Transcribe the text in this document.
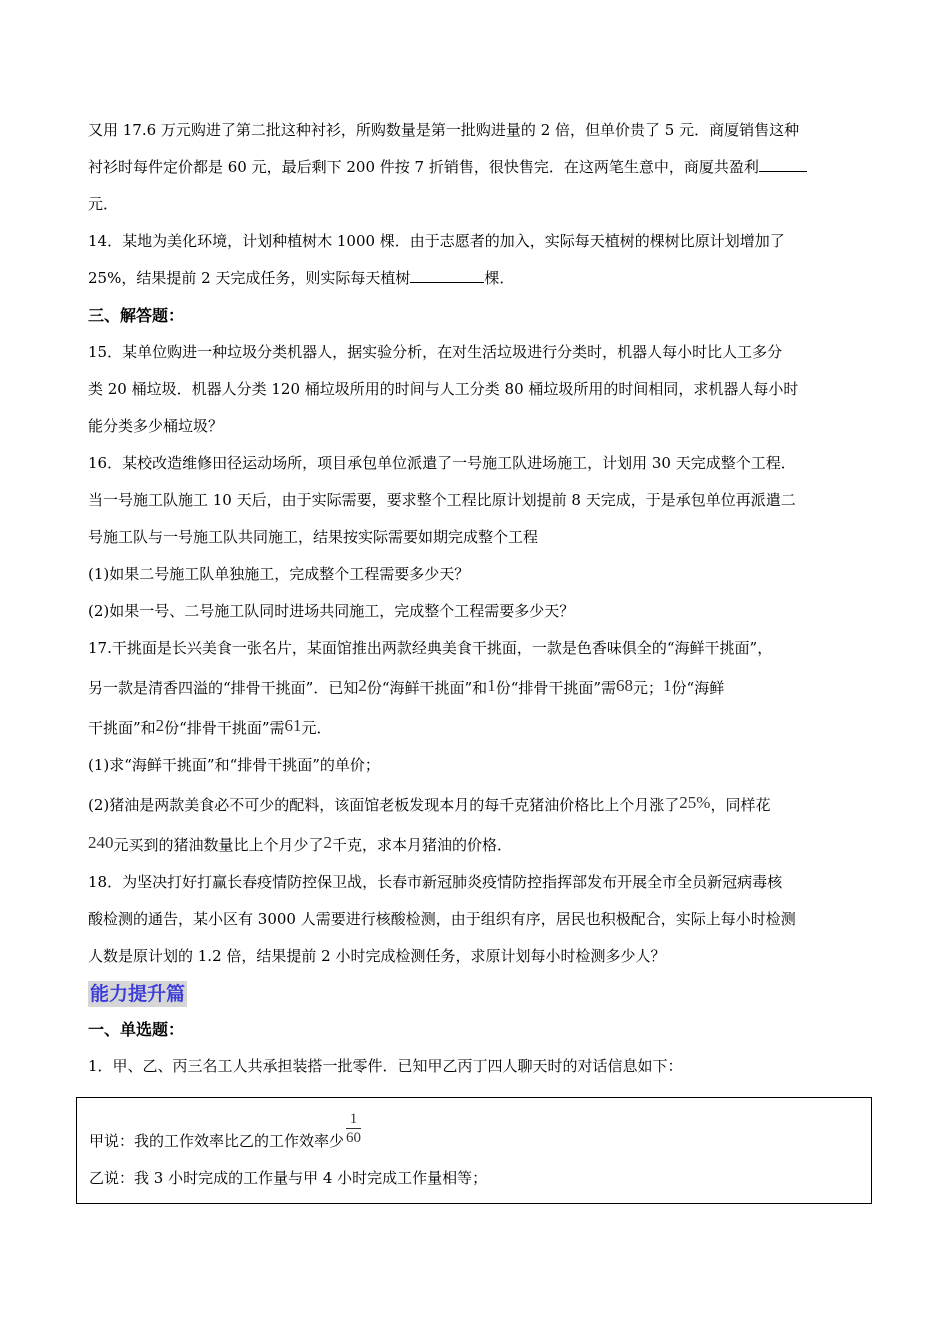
又用 17.6 万元购进了第二批这种衬衫，所购数量是第一批购进量的 2 倍，但单价贵了 5 元．商厦销售这种

衬衫时每件定价都是 60 元，最后剩下 200 件按 7 折销售，很快售完．在这两笔生意中，商厦共盈利

元．

14．某地为美化环境，计划种植树木 1000 棵．由于志愿者的加入，实际每天植树的棵树比原计划增加了

25%，结果提前 2 天完成任务，则实际每天植树	棵．

三、解答题：

15．某单位购进一种垃圾分类机器人，据实验分析，在对生活垃圾进行分类时，机器人每小时比人工多分

类 20 桶垃圾．机器人分类 120 桶垃圾所用的时间与人工分类 80 桶垃圾所用的时间相同，求机器人每小时

能分类多少桶垃圾？

16．某校改造维修田径运动场所，项目承包单位派遣了一号施工队进场施工，计划用 30 天完成整个工程．

当一号施工队施工 10 天后，由于实际需要，要求整个工程比原计划提前 8 天完成，于是承包单位再派遣二

号施工队与一号施工队共同施工，结果按实际需要如期完成整个工程

(1)如果二号施工队单独施工，完成整个工程需要多少天？

(2)如果一号、二号施工队同时进场共同施工，完成整个工程需要多少天？

17.干挑面是长兴美食一张名片，某面馆推出两款经典美食干挑面，一款是色香味俱全的“海鲜干挑面”，

另一款是清香四溢的“排骨干挑面”．已知2份“海鲜干挑面”和1份“排骨干挑面”需68元；1份“海鲜

干挑面”和2份“排骨干挑面”需61元．

(1)求“海鲜干挑面”和“排骨干挑面”的单价；

(2)猪油是两款美食必不可少的配料，该面馆老板发现本月的每千克猪油价格比上个月涨了25%，同样花

240元买到的猪油数量比上个月少了2千克，求本月猪油的价格．

18．为坚决打好打赢长春疫情防控保卫战，长春市新冠肺炎疫情防控指挥部发布开展全市全员新冠病毒核

酸检测的通告，某小区有 3000 人需要进行核酸检测，由于组织有序，居民也积极配合，实际上每小时检测

人数是原计划的 1.2 倍，结果提前 2 小时完成检测任务，求原计划每小时检测多少人？

能力提升篇

一、单选题：

1．甲、乙、丙三名工人共承担装搭一批零件．已知甲乙丙丁四人聊天时的对话信息如下：

甲说：我的工作效率比乙的工作效率少 $\frac{1}{60}$

乙说：我 3 小时完成的工作量与甲 4 小时完成工作量相等；
